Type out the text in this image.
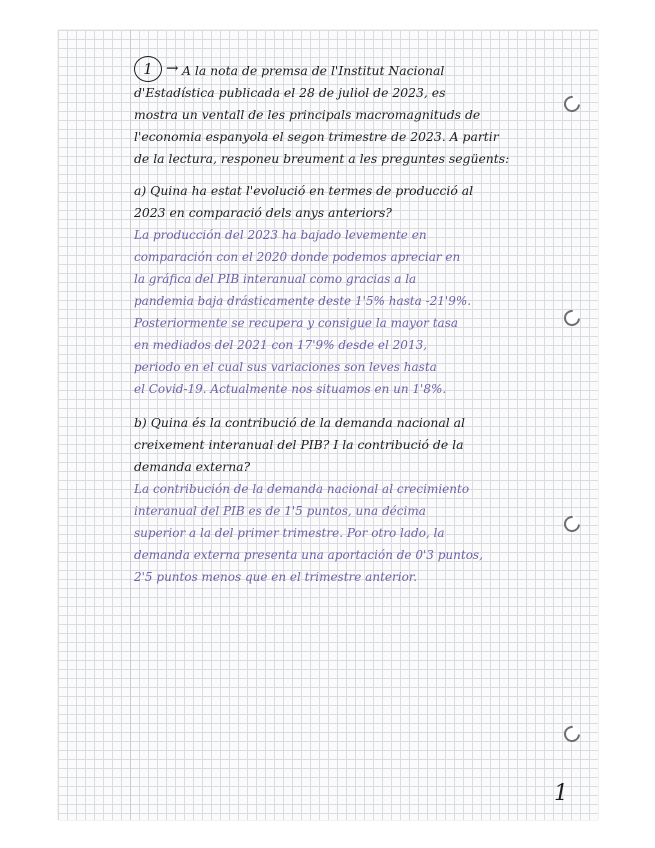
1 → A la nota de premsa de l'Institut Nacional
d'Estadística publicada el 28 de juliol de 2023, es
mostra un ventall de les principals macromagnituds de
l'economia espanyola el segon trimestre de 2023. A partir
de la lectura, responeu breument a les preguntes següents:
a) Quina ha estat l'evolució en termes de producció al
2023 en comparació dels anys anteriors?
La producción del 2023 ha bajado levemente en
comparación con el 2020 donde podemos apreciar en
la gráfica del PIB interanual como gracias a la
pandemia baja drásticamente deste 1'5% hasta -21'9%.
Posteriormente se recupera y consigue la mayor tasa
en mediados del 2021 con 17'9% desde el 2013,
periodo en el cual sus variaciones son leves hasta
el Covid-19. Actualmente nos situamos en un 1'8%.
b) Quina és la contribució de la demanda nacional al
creixement interanual del PIB? I la contribució de la
demanda externa?
La contribución de la demanda nacional al crecimiento
interanual del PIB es de 1'5 puntos, una décima
superior a la del primer trimestre. Por otro lado, la
demanda externa presenta una aportación de 0'3 puntos,
2'5 puntos menos que en el trimestre anterior.
1
